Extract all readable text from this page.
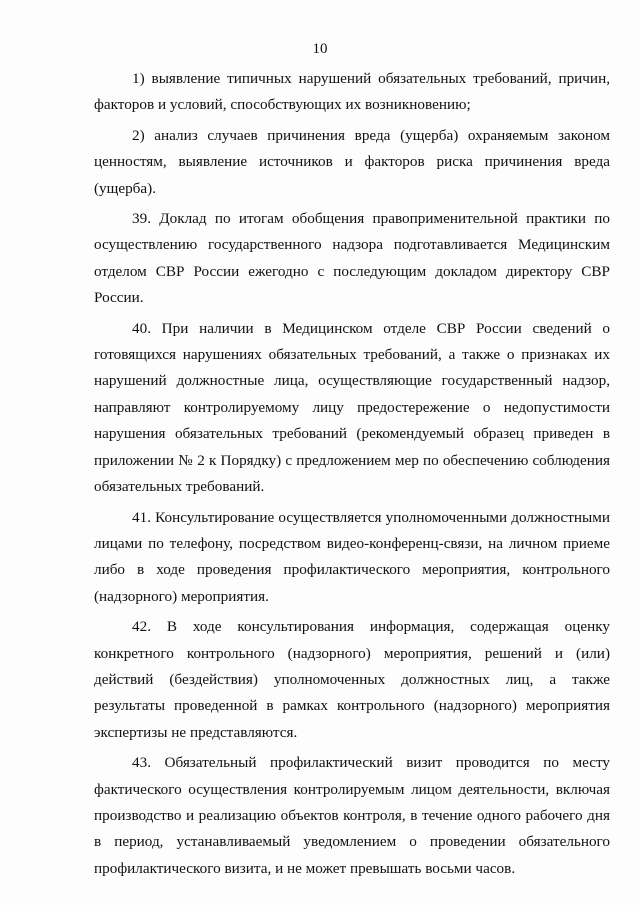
10

1) выявление типичных нарушений обязательных требований, причин, факторов и условий, способствующих их возникновению;

2) анализ случаев причинения вреда (ущерба) охраняемым законом ценностям, выявление источников и факторов риска причинения вреда (ущерба).

39. Доклад по итогам обобщения правоприменительной практики по осуществлению государственного надзора подготавливается Медицинским отделом СВР России ежегодно с последующим докладом директору СВР России.

40. При наличии в Медицинском отделе СВР России сведений о готовящихся нарушениях обязательных требований, а также о признаках их нарушений должностные лица, осуществляющие государственный надзор, направляют контролируемому лицу предостережение о недопустимости нарушения обязательных требований (рекомендуемый образец приведен в приложении № 2 к Порядку) с предложением мер по обеспечению соблюдения обязательных требований.

41. Консультирование осуществляется уполномоченными должностными лицами по телефону, посредством видео-конференц-связи, на личном приеме либо в ходе проведения профилактического мероприятия, контрольного (надзорного) мероприятия.

42. В ходе консультирования информация, содержащая оценку конкретного контрольного (надзорного) мероприятия, решений и (или) действий (бездействия) уполномоченных должностных лиц, а также результаты проведенной в рамках контрольного (надзорного) мероприятия экспертизы не представляются.

43. Обязательный профилактический визит проводится по месту фактического осуществления контролируемым лицом деятельности, включая производство и реализацию объектов контроля, в течение одного рабочего дня в период, устанавливаемый уведомлением о проведении обязательного профилактического визита, и не может превышать восьми часов.
